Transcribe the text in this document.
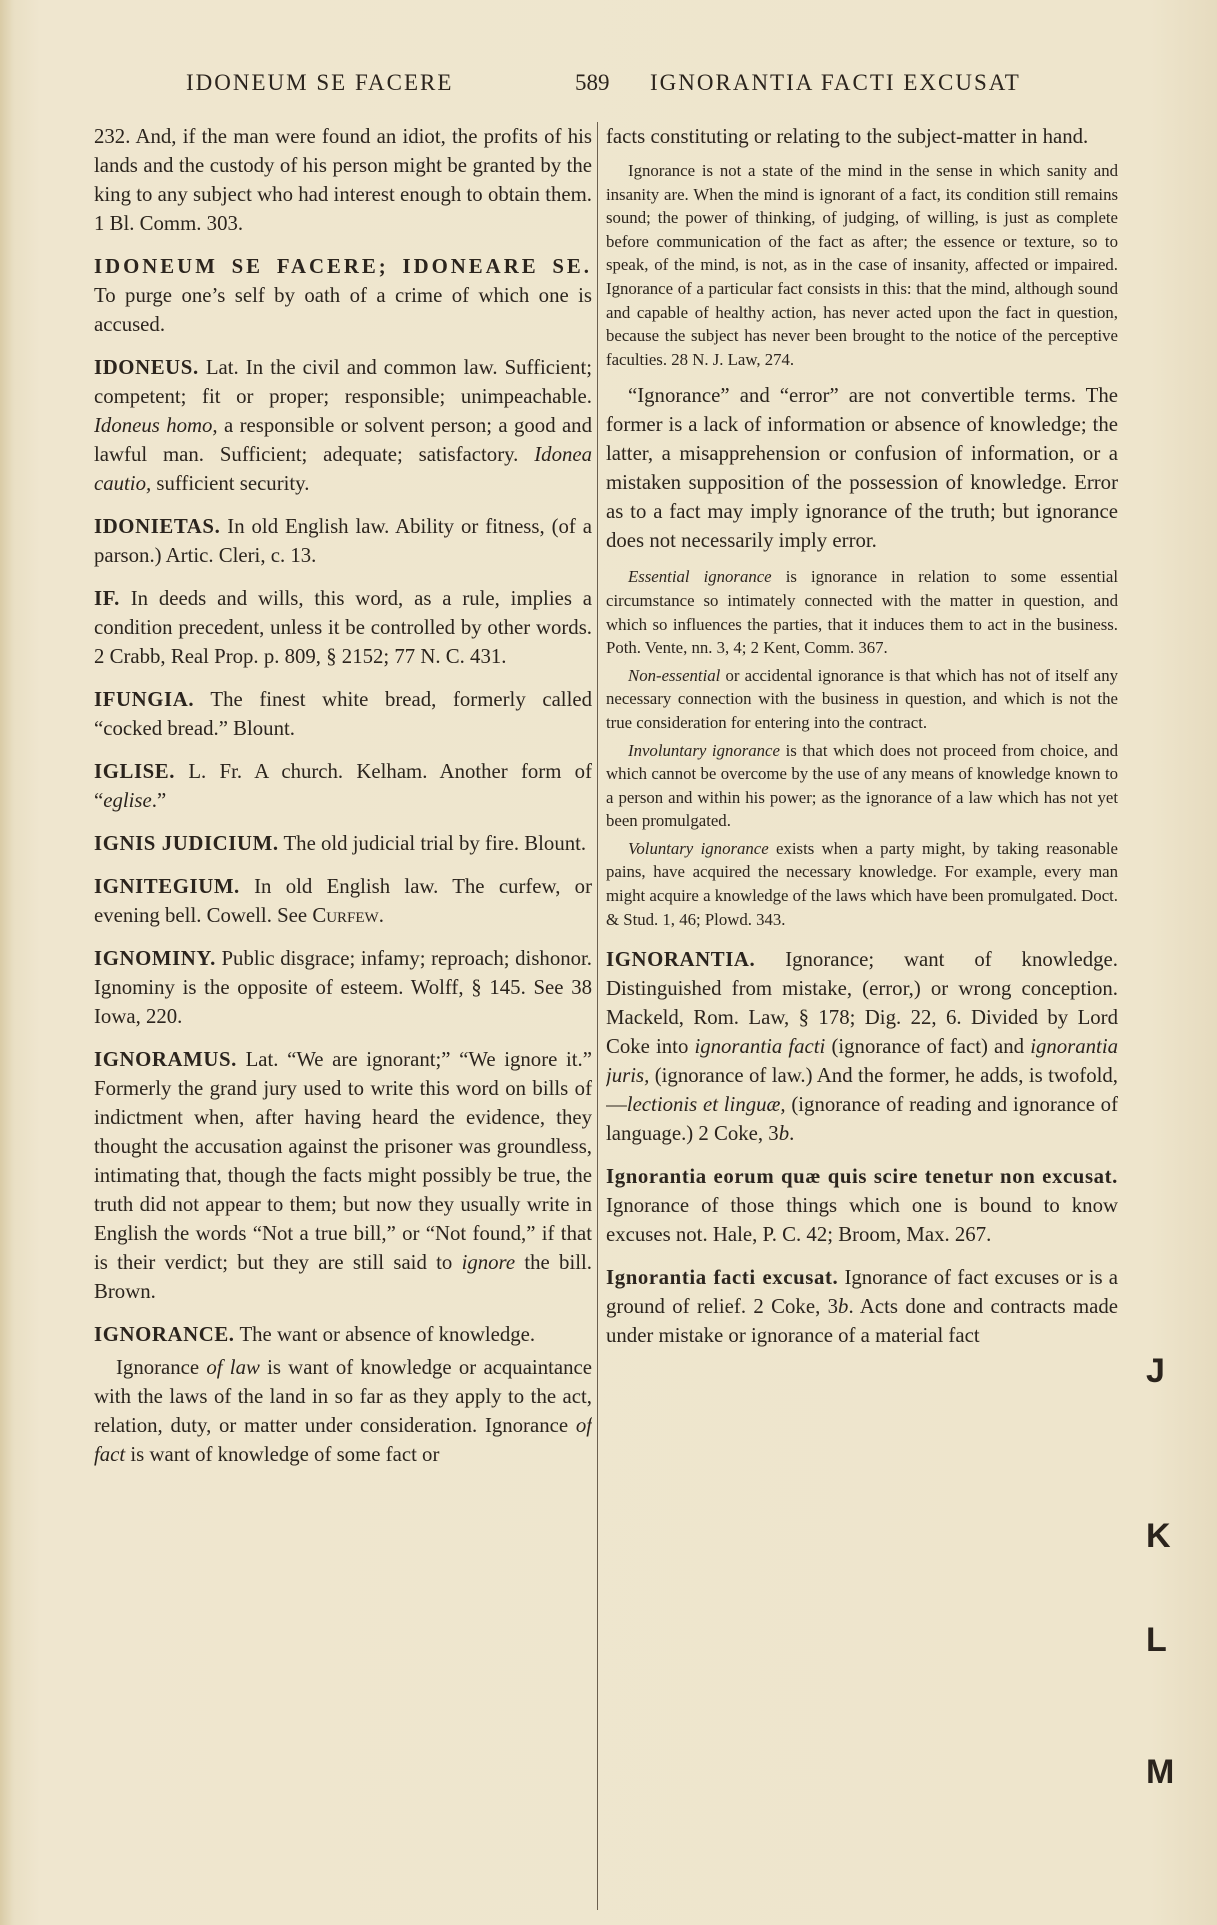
IDONEUM SE FACERE	589 IGNORANTIA FACTI EXCUSAT

232. And, if the man were found an idiot, the profits of his lands and the custody of his person might be granted by the king to any subject who had interest enough to obtain them. 1 Bl. Comm. 303.

IDONEUM SE FACERE; IDONEARE SE. To purge one’s self by oath of a crime of which one is accused.

IDONEUS. Lat. In the civil and common law. Sufficient; competent; fit or proper; responsible; unimpeachable. Idoneus homo, a responsible or solvent person; a good and lawful man. Sufficient; adequate; satisfactory. Idonea cautio, sufficient security.

IDONIETAS. In old English law. Ability or fitness, (of a parson.) Artic. Cleri, c. 13.

IF. In deeds and wills, this word, as a rule, implies a condition precedent, unless it be controlled by other words. 2 Crabb, Real Prop. p. 809, § 2152; 77 N. C. 431.

IFUNGIA. The finest white bread, formerly called “cocked bread.” Blount.

IGLISE. L. Fr. A church. Kelham. Another form of “eglise.”

IGNIS JUDICIUM. The old judicial trial by fire. Blount.

IGNITEGIUM. In old English law. The curfew, or evening bell. Cowell. See Curfew.

IGNOMINY. Public disgrace; infamy; reproach; dishonor. Ignominy is the opposite of esteem. Wolff, § 145. See 38 Iowa, 220.

IGNORAMUS. Lat. “We are ignorant;” “We ignore it.” Formerly the grand jury used to write this word on bills of indictment when, after having heard the evidence, they thought the accusation against the prisoner was groundless, intimating that, though the facts might possibly be true, the truth did not appear to them; but now they usually write in English the words “Not a true bill,” or “Not found,” if that is their verdict; but they are still said to ignore the bill. Brown.

IGNORANCE. The want or absence of knowledge.

Ignorance of law is want of knowledge or acquaintance with the laws of the land in so far as they apply to the act, relation, duty, or matter under consideration. Ignorance of fact is want of knowledge of some fact or

facts constituting or relating to the subject-matter in hand.

Ignorance is not a state of the mind in the sense in which sanity and insanity are. When the mind is ignorant of a fact, its condition still remains sound; the power of thinking, of judging, of willing, is just as complete before communication of the fact as after; the essence or texture, so to speak, of the mind, is not, as in the case of insanity, affected or impaired. Ignorance of a particular fact consists in this: that the mind, although sound and capable of healthy action, has never acted upon the fact in question, because the subject has never been brought to the notice of the perceptive faculties. 28 N. J. Law, 274.

“Ignorance” and “error” are not convertible terms. The former is a lack of information or absence of knowledge; the latter, a misapprehension or confusion of information, or a mistaken supposition of the possession of knowledge. Error as to a fact may imply ignorance of the truth; but ignorance does not necessarily imply error.

Essential ignorance is ignorance in relation to some essential circumstance so intimately connected with the matter in question, and which so influences the parties, that it induces them to act in the business. Poth. Vente, nn. 3, 4; 2 Kent, Comm. 367.

Non-essential or accidental ignorance is that which has not of itself any necessary connection with the business in question, and which is not the true consideration for entering into the contract.

Involuntary ignorance is that which does not proceed from choice, and which cannot be overcome by the use of any means of knowledge known to a person and within his power; as the ignorance of a law which has not yet been promulgated.

Voluntary ignorance exists when a party might, by taking reasonable pains, have acquired the necessary knowledge. For example, every man might acquire a knowledge of the laws which have been promulgated. Doct. & Stud. 1, 46; Plowd. 343.

IGNORANTIA. Ignorance; want of knowledge. Distinguished from mistake, (error,) or wrong conception. Mackeld, Rom. Law, § 178; Dig. 22, 6. Divided by Lord Coke into ignorantia facti (ignorance of fact) and ignorantia juris, (ignorance of law.) And the former, he adds, is twofold,—lectionis et linguæ, (ignorance of reading and ignorance of language.) 2 Coke, 3b.

Ignorantia eorum quæ quis scire tenetur non excusat. Ignorance of those things which one is bound to know excuses not. Hale, P. C. 42; Broom, Max. 267.

Ignorantia facti excusat. Ignorance of fact excuses or is a ground of relief. 2 Coke, 3b. Acts done and contracts made under mistake or ignorance of a material fact

J
K
L
M
